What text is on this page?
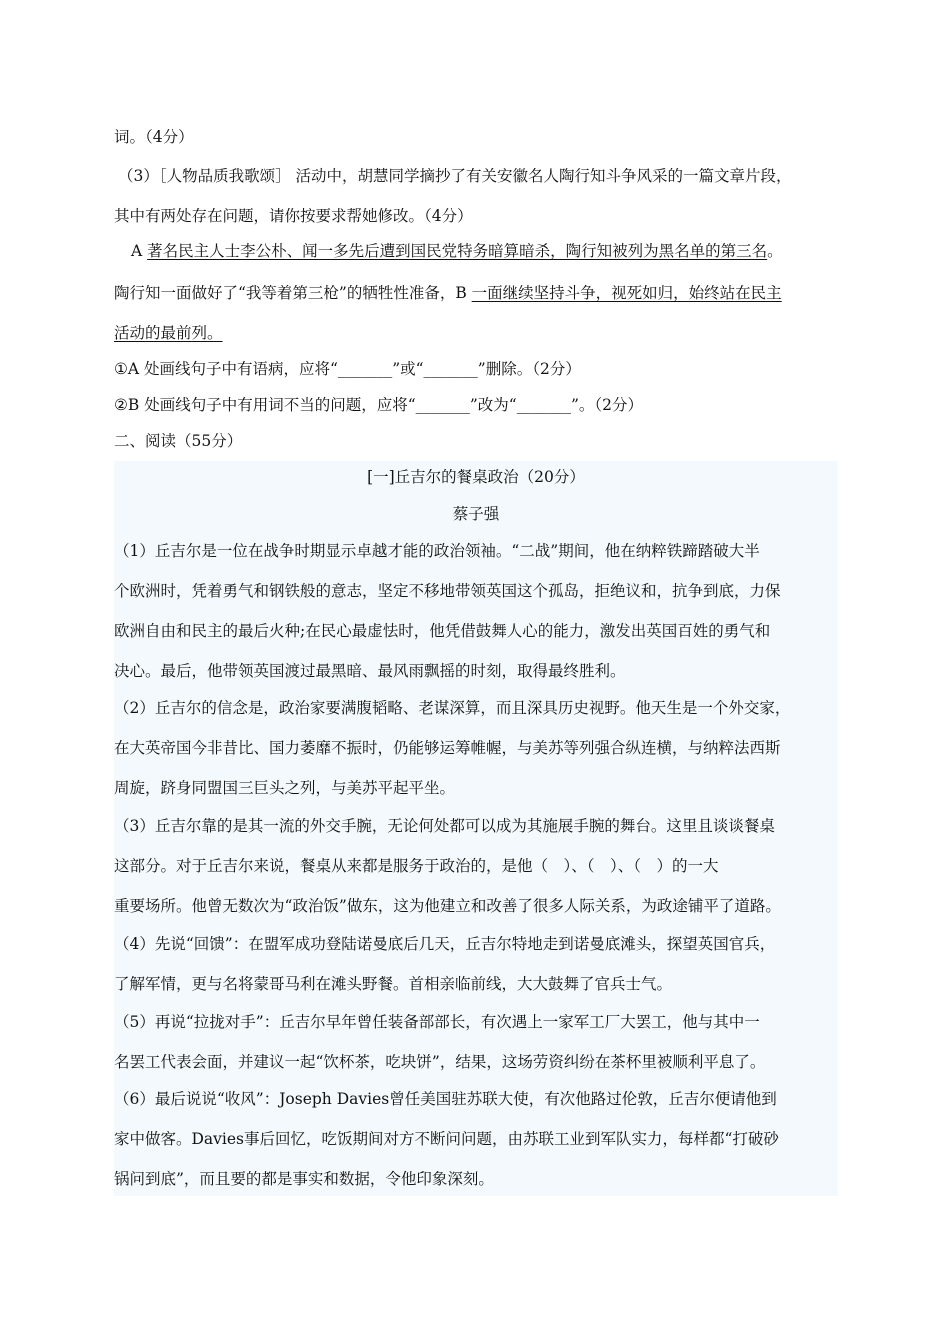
词。（4分）
（3）［人物品质我歌颂］ 活动中，胡慧同学摘抄了有关安徽名人陶行知斗争风采的一篇文章片段，
其中有两处存在问题，请你按要求帮她修改。（4分）
A 著名民主人士李公朴、闻一多先后遭到国民党特务暗算暗杀，陶行知被列为黑名单的第三名。
陶行知一面做好了“我等着第三枪”的牺牲性准备，B 一面继续坚持斗争，视死如归，始终站在民主
活动的最前列。
①A 处画线句子中有语病，应将“_______”或“_______”删除。（2分）
②B 处画线句子中有用词不当的问题，应将“_______”改为“_______”。（2分）
二、阅读（55分）
[一]丘吉尔的餐桌政治（20分）
蔡子强
（1）丘吉尔是一位在战争时期显示卓越才能的政治领袖。“二战”期间，他在纳粹铁蹄踏破大半
个欧洲时，凭着勇气和钢铁般的意志，坚定不移地带领英国这个孤岛，拒绝议和，抗争到底，力保
欧洲自由和民主的最后火种;在民心最虚怯时，他凭借鼓舞人心的能力，激发出英国百姓的勇气和
决心。最后，他带领英国渡过最黑暗、最风雨飘摇的时刻，取得最终胜利。
（2）丘吉尔的信念是，政治家要满腹韬略、老谋深算，而且深具历史视野。他天生是一个外交家，
在大英帝国今非昔比、国力萎靡不振时，仍能够运筹帷幄，与美苏等列强合纵连横，与纳粹法西斯
周旋，跻身同盟国三巨头之列，与美苏平起平坐。
（3）丘吉尔靠的是其一流的外交手腕，无论何处都可以成为其施展手腕的舞台。这里且谈谈餐桌
这部分。对于丘吉尔来说，餐桌从来都是服务于政治的，是他（　）、（　）、（　）的一大
重要场所。他曾无数次为“政治饭”做东，这为他建立和改善了很多人际关系，为政途铺平了道路。
（4）先说“回馈”：在盟军成功登陆诺曼底后几天，丘吉尔特地走到诺曼底滩头，探望英国官兵，
了解军情，更与名将蒙哥马利在滩头野餐。首相亲临前线，大大鼓舞了官兵士气。
（5）再说“拉拢对手”：丘吉尔早年曾任装备部部长，有次遇上一家军工厂大罢工，他与其中一
名罢工代表会面，并建议一起“饮杯茶，吃块饼”，结果，这场劳资纠纷在茶杯里被顺利平息了。
（6）最后说说“收风”：Joseph Davies曾任美国驻苏联大使，有次他路过伦敦，丘吉尔便请他到
家中做客。Davies事后回忆，吃饭期间对方不断问问题，由苏联工业到军队实力，每样都“打破砂
锅问到底”，而且要的都是事实和数据，令他印象深刻。
